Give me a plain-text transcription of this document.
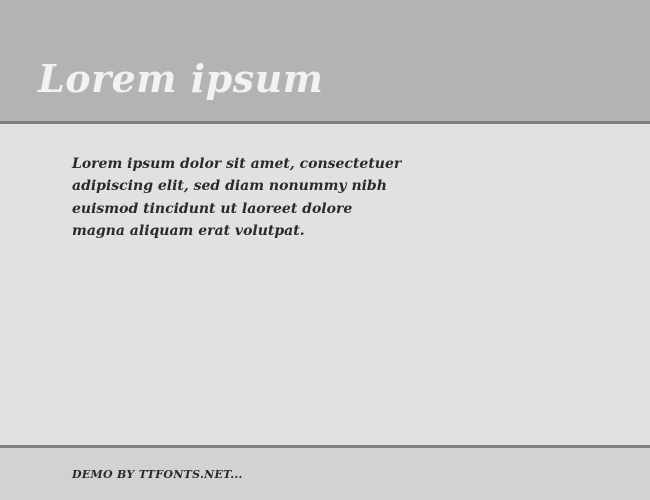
Lorem ipsum
Lorem ipsum dolor sit amet, consectetuer
adipiscing elit, sed diam nonummy nibh
euismod tincidunt ut laoreet dolore
magna aliquam erat volutpat.
DEMO BY TTFONTS.NET...
